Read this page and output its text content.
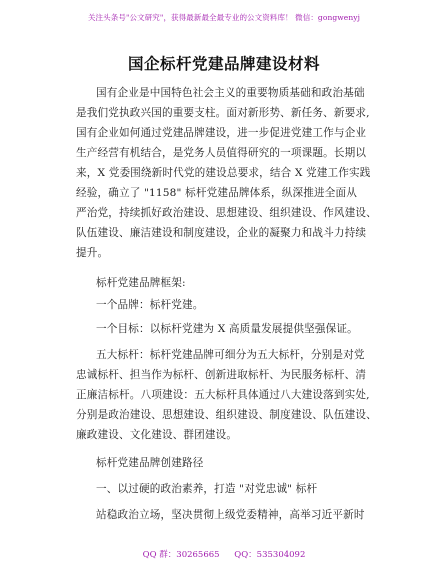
关注头条号"公文研究"，获得最新最全最专业的公文资料库！ 微信：gongwenyj
国企标杆党建品牌建设材料
国有企业是中国特色社会主义的重要物质基础和政治基础
是我们党执政兴国的重要支柱。面对新形势、新任务、新要求,
国有企业如何通过党建品牌建设，进一步促进党建工作与企业
生产经营有机结合，是党务人员值得研究的一项课题。长期以
来，X 党委围绕新时代党的建设总要求，结合 X 党建工作实践
经验，确立了 "1158" 标杆党建品牌体系，纵深推进全面从
严治党，持续抓好政治建设、思想建设、组织建设、作风建设、
队伍建设、廉洁建设和制度建设，企业的凝聚力和战斗力持续
提升。
标杆党建品牌框架:
一个品牌：标杆党建。
一个目标：以标杆党建为 X 高质量发展提供坚强保证。
五大标杆：标杆党建品牌可细分为五大标杆，分别是对党
忠诚标杆、担当作为标杆、创新进取标杆、为民服务标杆、清
正廉洁标杆。八项建设：五大标杆具体通过八大建设落到实处,
分别是政治建设、思想建设、组织建设、制度建设、队伍建设、
廉政建设、文化建设、群团建设。
标杆党建品牌创建路径
一、以过硬的政治素养，打造 "对党忠诚" 标杆
站稳政治立场，坚决贯彻上级党委精神，高举习近平新时
QQ 群：30265665 QQ：535304092
